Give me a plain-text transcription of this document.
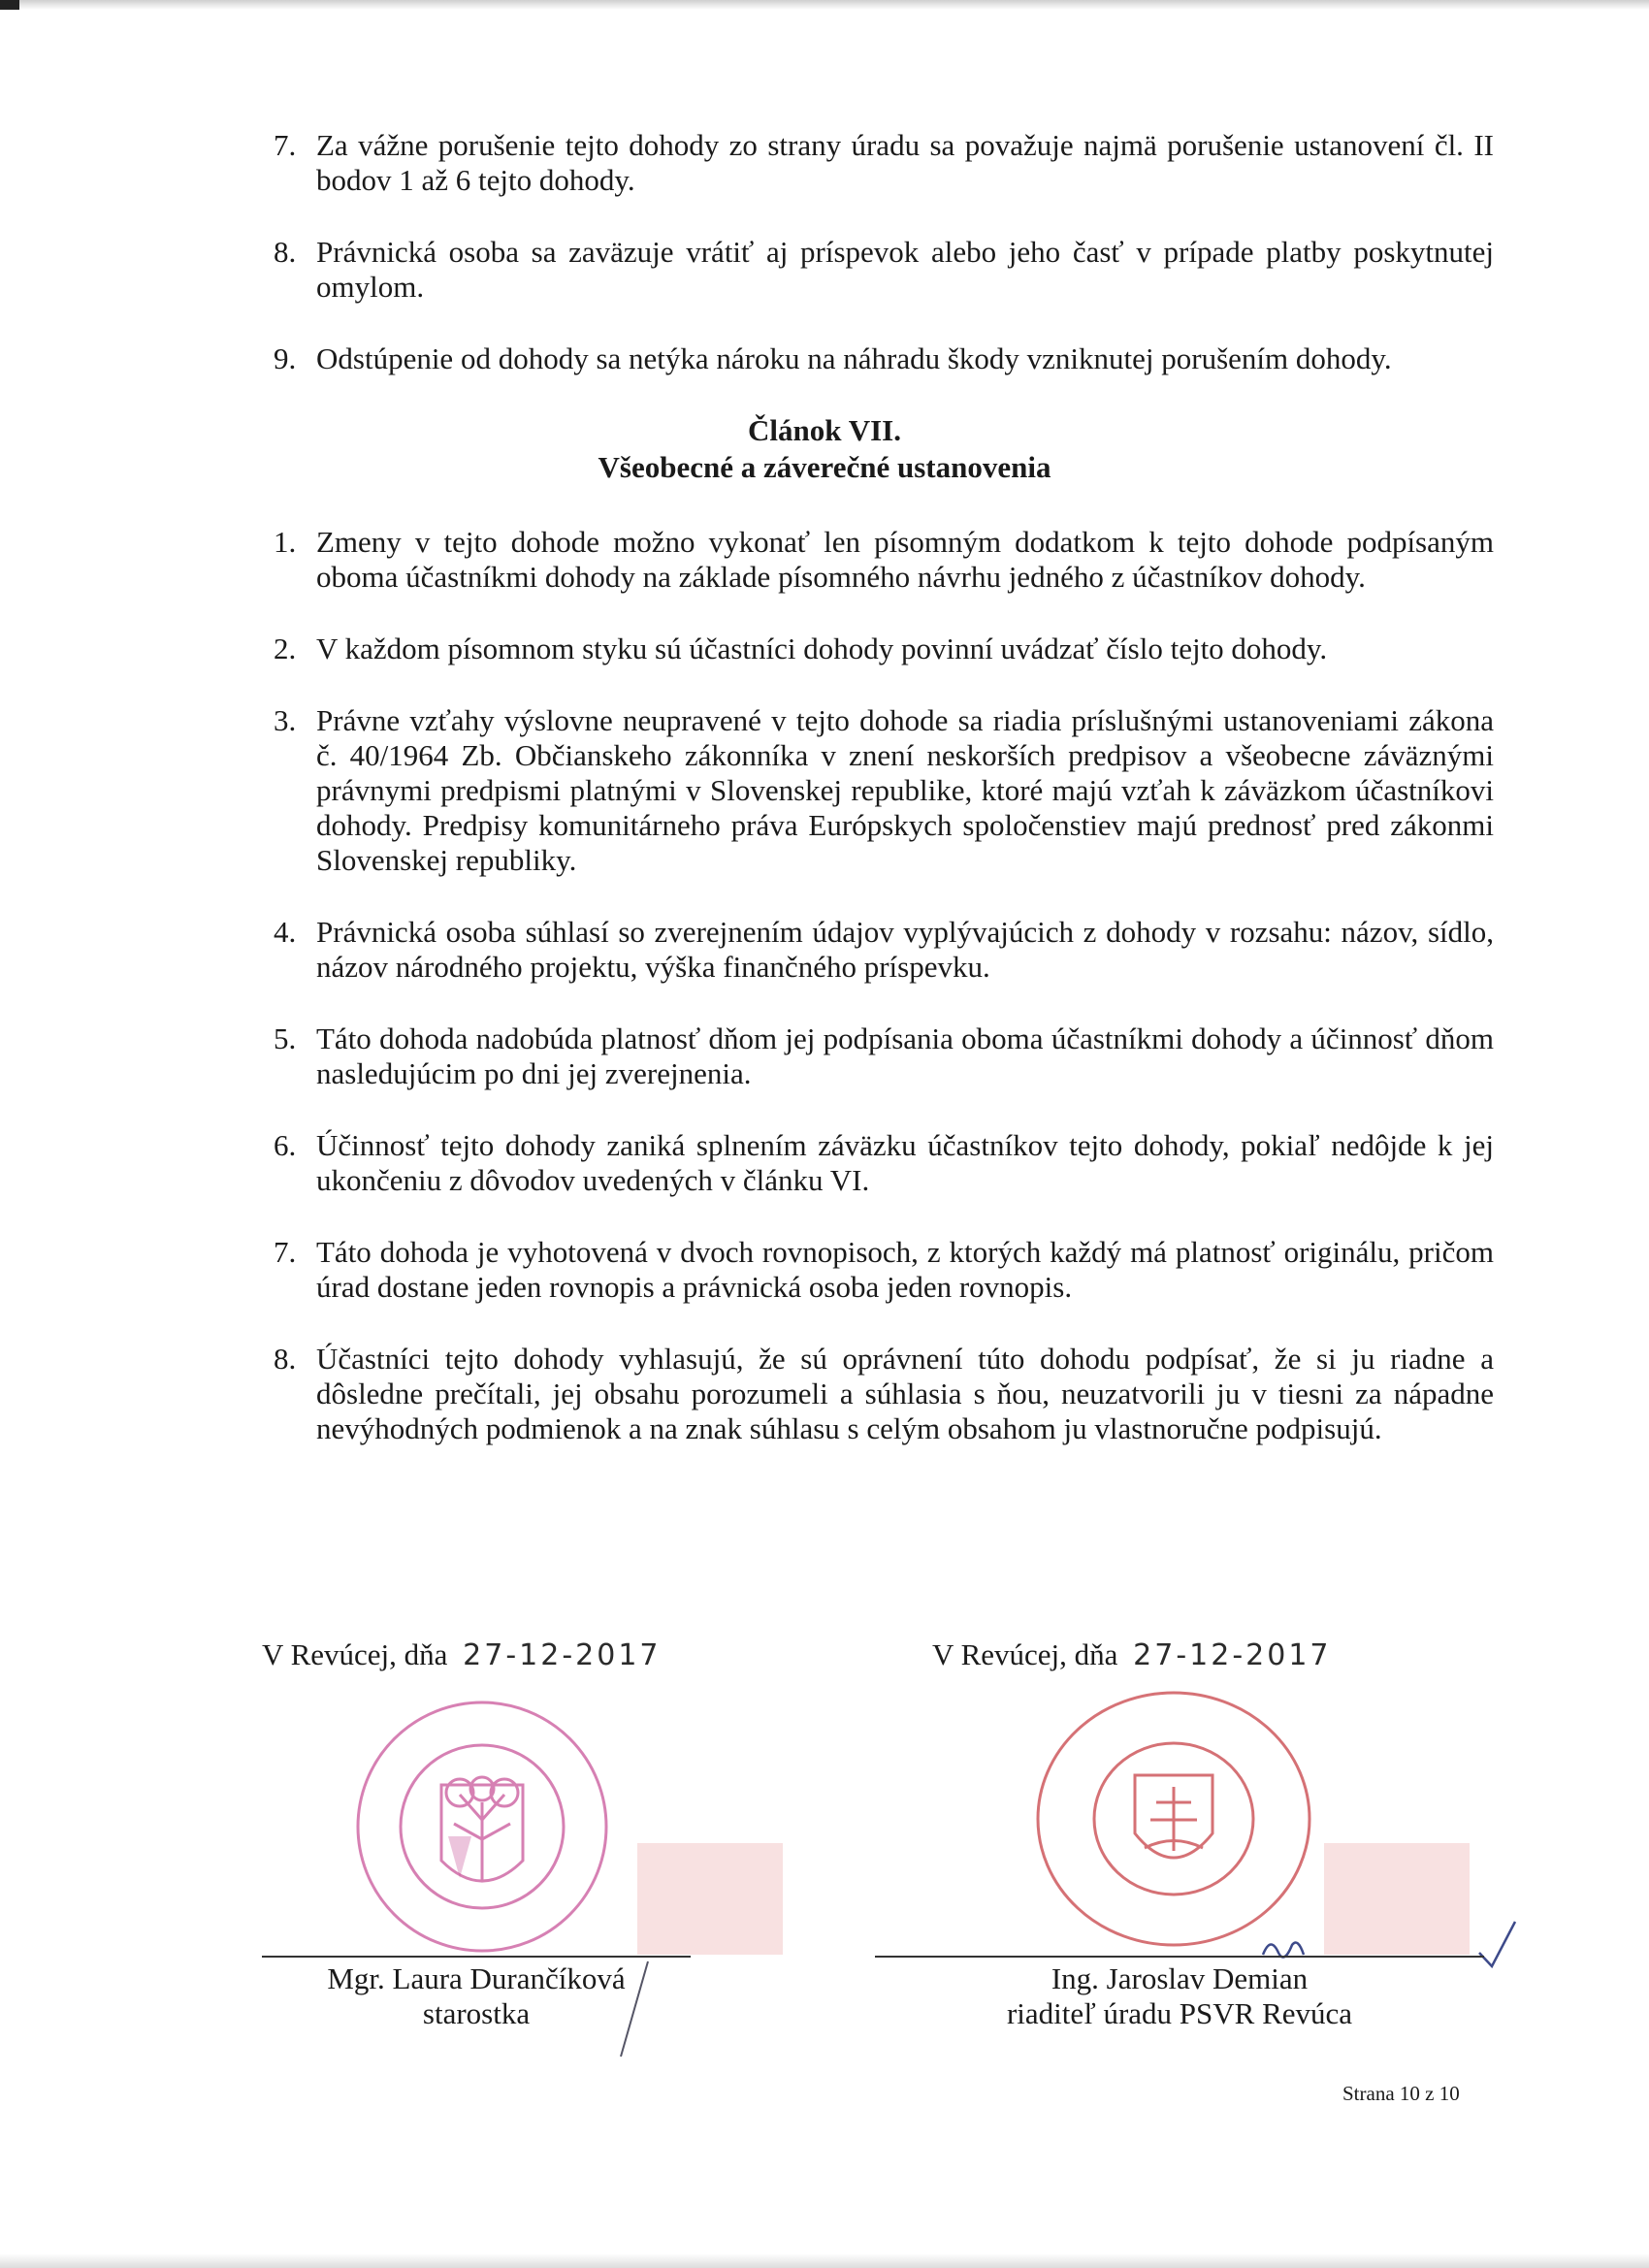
7. Za vážne porušenie tejto dohody zo strany úradu sa považuje najmä porušenie ustanovení čl. II bodov 1 až 6 tejto dohody.
8. Právnická osoba sa zaväzuje vrátiť aj príspevok alebo jeho časť v prípade platby poskytnutej omylom.
9. Odstúpenie od dohody sa netýka nároku na náhradu škody vzniknutej porušením dohody.
Článok VII.
Všeobecné a záverečné ustanovenia
1. Zmeny v tejto dohode možno vykonať len písomným dodatkom k tejto dohode podpísaným oboma účastníkmi dohody na základe písomného návrhu jedného z účastníkov dohody.
2. V každom písomnom styku sú účastníci dohody povinní uvádzať číslo tejto dohody.
3. Právne vzťahy výslovne neupravené v tejto dohode sa riadia príslušnými ustanoveniami zákona č. 40/1964 Zb. Občianskeho zákonníka v znení neskorších predpisov a všeobecne záväznými právnymi predpismi platnými v Slovenskej republike, ktoré majú vzťah k záväzkom účastníkovi dohody. Predpisy komunitárneho práva Európskych spoločenstiev majú prednosť pred zákonmi Slovenskej republiky.
4. Právnická osoba súhlasí so zverejnením údajov vyplývajúcich z dohody v rozsahu: názov, sídlo, názov národného projektu, výška finančného príspevku.
5. Táto dohoda nadobúda platnosť dňom jej podpísania oboma účastníkmi dohody a účinnosť dňom nasledujúcim po dni jej zverejnenia.
6. Účinnosť tejto dohody zaniká splnením záväzku účastníkov tejto dohody, pokiaľ nedôjde k jej ukončeniu z dôvodov uvedených v článku VI.
7. Táto dohoda je vyhotovená v dvoch rovnopisoch, z ktorých každý má platnosť originálu, pričom úrad dostane jeden rovnopis a právnická osoba jeden rovnopis.
8. Účastníci tejto dohody vyhlasujú, že sú oprávnení túto dohodu podpísať, že si ju riadne a dôsledne prečítali, jej obsahu porozumeli a súhlasia s ňou, neuzatvorili ju v tiesni za nápadne nevýhodných podmienok a na znak súhlasu s celým obsahom ju vlastnoručne podpisujú.
V Revúcej, dňa 27-12-2017
Mgr. Laura Durančíková
starostka
V Revúcej, dňa 27-12-2017
Ing. Jaroslav Demian
riaditeľ úradu PSVR Revúca
Strana 10 z 10
